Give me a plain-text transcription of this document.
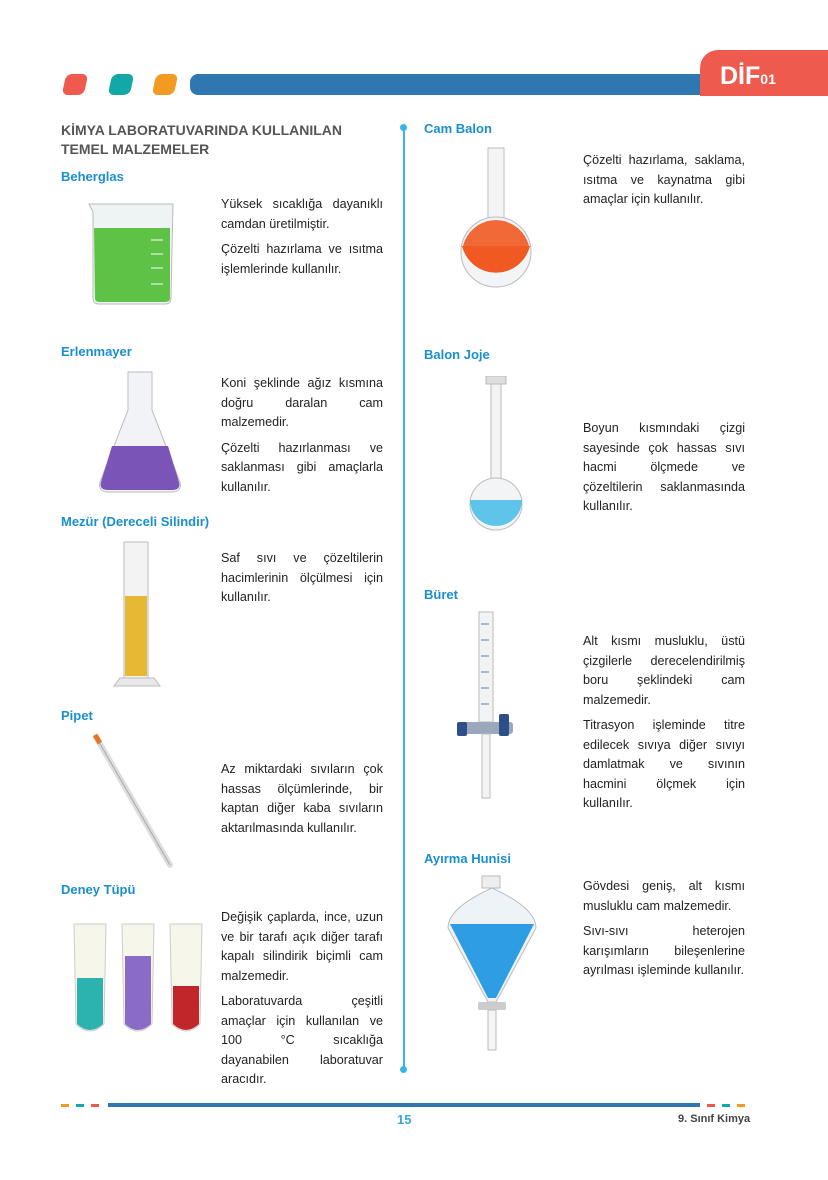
DİF01
KİMYA LABORATUVARINDA KULLANILAN
TEMEL MALZEMELER
Beherglas

Yüksek sıcaklığa dayanıklı camdan üretilmiştir.

Çözelti hazırlama ve ısıtma işlemlerinde kullanılır.

Erlenmayer

Koni şeklinde ağız kısmına doğru daralan cam malzemedir.

Çözelti hazırlanması ve saklanması gibi amaçlarla kullanılır.

Mezür (Dereceli Silindir)

Saf sıvı ve çözeltilerin hacimlerinin ölçülmesi için kullanılır.

Pipet

Az miktardaki sıvıların çok hassas ölçümlerinde, bir kaptan diğer kaba sıvıların aktarılmasında kullanılır.

Deney Tüpü

Değişik çaplarda, ince, uzun ve bir tarafı açık diğer tarafı kapalı silindirik biçimli cam malzemedir.

Laboratuvarda çeşitli amaçlar için kullanılan ve 100 °C sıcaklığa dayanabilen laboratuvar aracıdır.

Cam Balon

Çözelti hazırlama, saklama, ısıtma ve kaynatma gibi amaçlar için kullanılır.

Balon Joje

Boyun kısmındaki çizgi sayesinde çok hassas sıvı hacmi ölçmede ve çözeltilerin saklanmasında kullanılır.

Büret

Alt kısmı musluklu, üstü çizgilerle derecelendirilmiş boru şeklindeki cam malzemedir.

Titrasyon işleminde titre edilecek sıvıya diğer sıvıyı damlatmak ve sıvının hacmini ölçmek için kullanılır.

Ayırma Hunisi

Gövdesi geniş, alt kısmı musluklu cam malzemedir.

Sıvı-sıvı heterojen karışımların bileşenlerine ayrılması işleminde kullanılır.

15	9. Sınıf Kimya
